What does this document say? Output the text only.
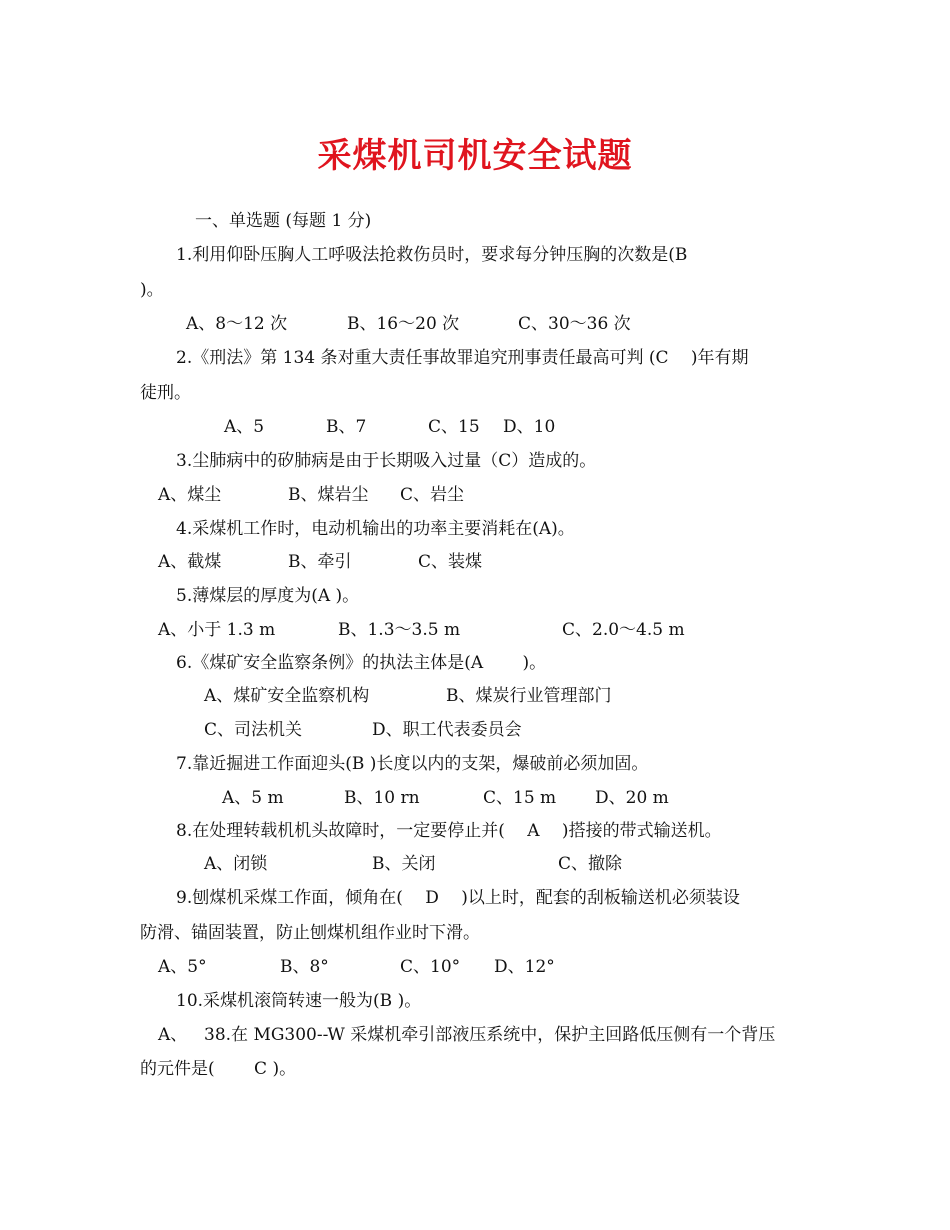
采煤机司机安全试题
一、单选题 (每题 1 分)
1.利用仰卧压胸人工呼吸法抢救伤员时，要求每分钟压胸的次数是(B
)。
A、8～12 次	B、16～20 次	C、30～36 次
2.《刑法》第 134 条对重大责任事故罪追究刑事责任最高可判 (C　 )年有期
徒刑。
A、5	B、7	C、15 D、10
3.尘肺病中的矽肺病是由于长期吸入过量（C）造成的。
A、煤尘	B、煤岩尘 C、岩尘
4.采煤机工作时，电动机输出的功率主要消耗在(A)。
A、截煤	B、牵引	C、装煤
5.薄煤层的厚度为(A )。
A、小于 1.3 m	B、1.3～3.5 m	C、2.0～4.5 m
6.《煤矿安全监察条例》的执法主体是(A　　 )。
A、煤矿安全监察机构	B、煤炭行业管理部门
C、司法机关	D、职工代表委员会
7.靠近掘进工作面迎头(B )长度以内的支架，爆破前必须加固。
A、5 m	B、10 rn	C、15 m D、20 m
8.在处理转载机机头故障时，一定要停止并(　 A　 )搭接的带式输送机。
A、闭锁	B、关闭	C、撤除
9.刨煤机采煤工作面，倾角在(　 D　 )以上时，配套的刮板输送机必须装设
防滑、锚固装置，防止刨煤机组作业时下滑。
A、5°	B、8°	C、10° D、12°
10.采煤机滚筒转速一般为(B )。
A、 38.在 MG300--W 采煤机牵引部液压系统中，保护主回路低压侧有一个背压
的元件是(　　 C )。
